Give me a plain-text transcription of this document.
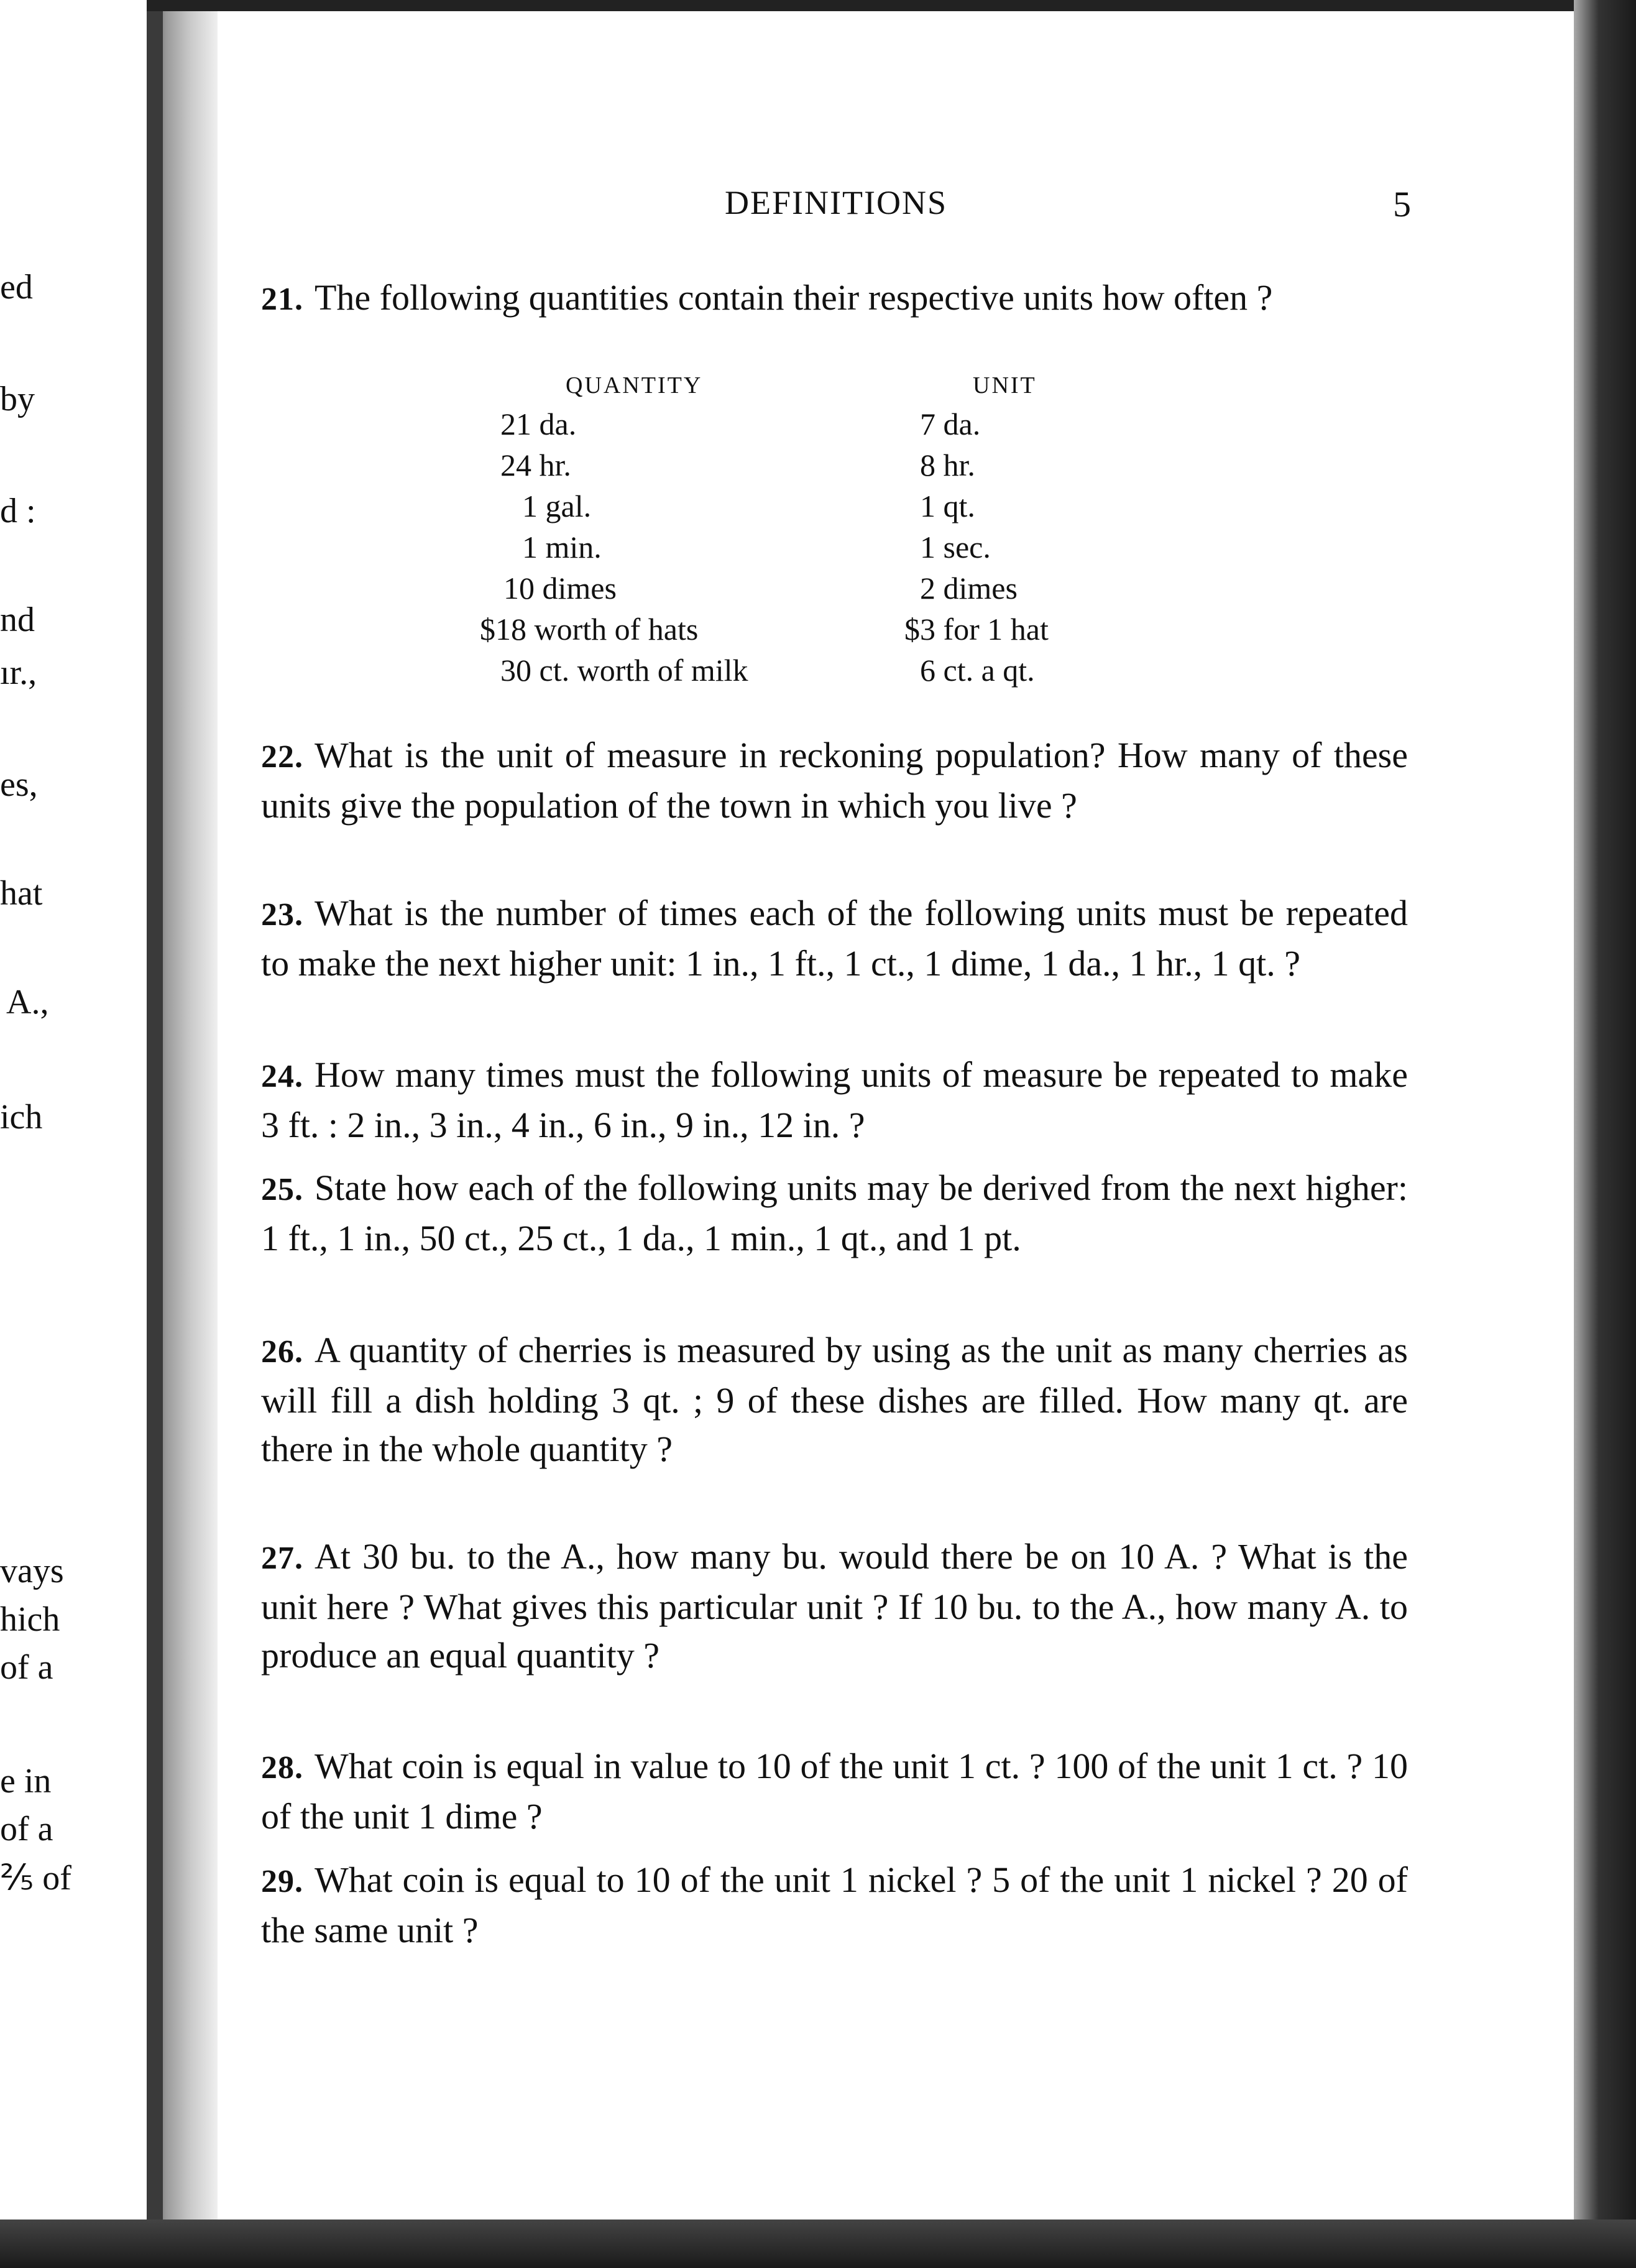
ed
by
d :
nd
ır.,
es,
hat
A.,
ich
vays
hich
of a
e in
of a
⅖ of
DEFINITIONS	5
21. The following quantities contain their respective units how often ?
QUANTITY	UNIT
21 da.	7 da.
24 hr.	8 hr.
1 gal.	1 qt.
1 min.	1 sec.
10 dimes	2 dimes
$18 worth of hats	$3 for 1 hat
30 ct. worth of milk	6 ct. a qt.
22. What is the unit of measure in reckoning population? How many of these units give the population of the town in which you live ?
23. What is the number of times each of the following units must be repeated to make the next higher unit: 1 in., 1 ft., 1 ct., 1 dime, 1 da., 1 hr., 1 qt. ?
24. How many times must the following units of measure be repeated to make 3 ft. : 2 in., 3 in., 4 in., 6 in., 9 in., 12 in. ?
25. State how each of the following units may be derived from the next higher: 1 ft., 1 in., 50 ct., 25 ct., 1 da., 1 min., 1 qt., and 1 pt.
26. A quantity of cherries is measured by using as the unit as many cherries as will fill a dish holding 3 qt. ; 9 of these dishes are filled. How many qt. are there in the whole quantity ?
27. At 30 bu. to the A., how many bu. would there be on 10 A. ? What is the unit here ? What gives this particular unit ? If 10 bu. to the A., how many A. to produce an equal quantity ?
28. What coin is equal in value to 10 of the unit 1 ct. ? 100 of the unit 1 ct. ? 10 of the unit 1 dime ?
29. What coin is equal to 10 of the unit 1 nickel ? 5 of the unit 1 nickel ? 20 of the same unit ?
